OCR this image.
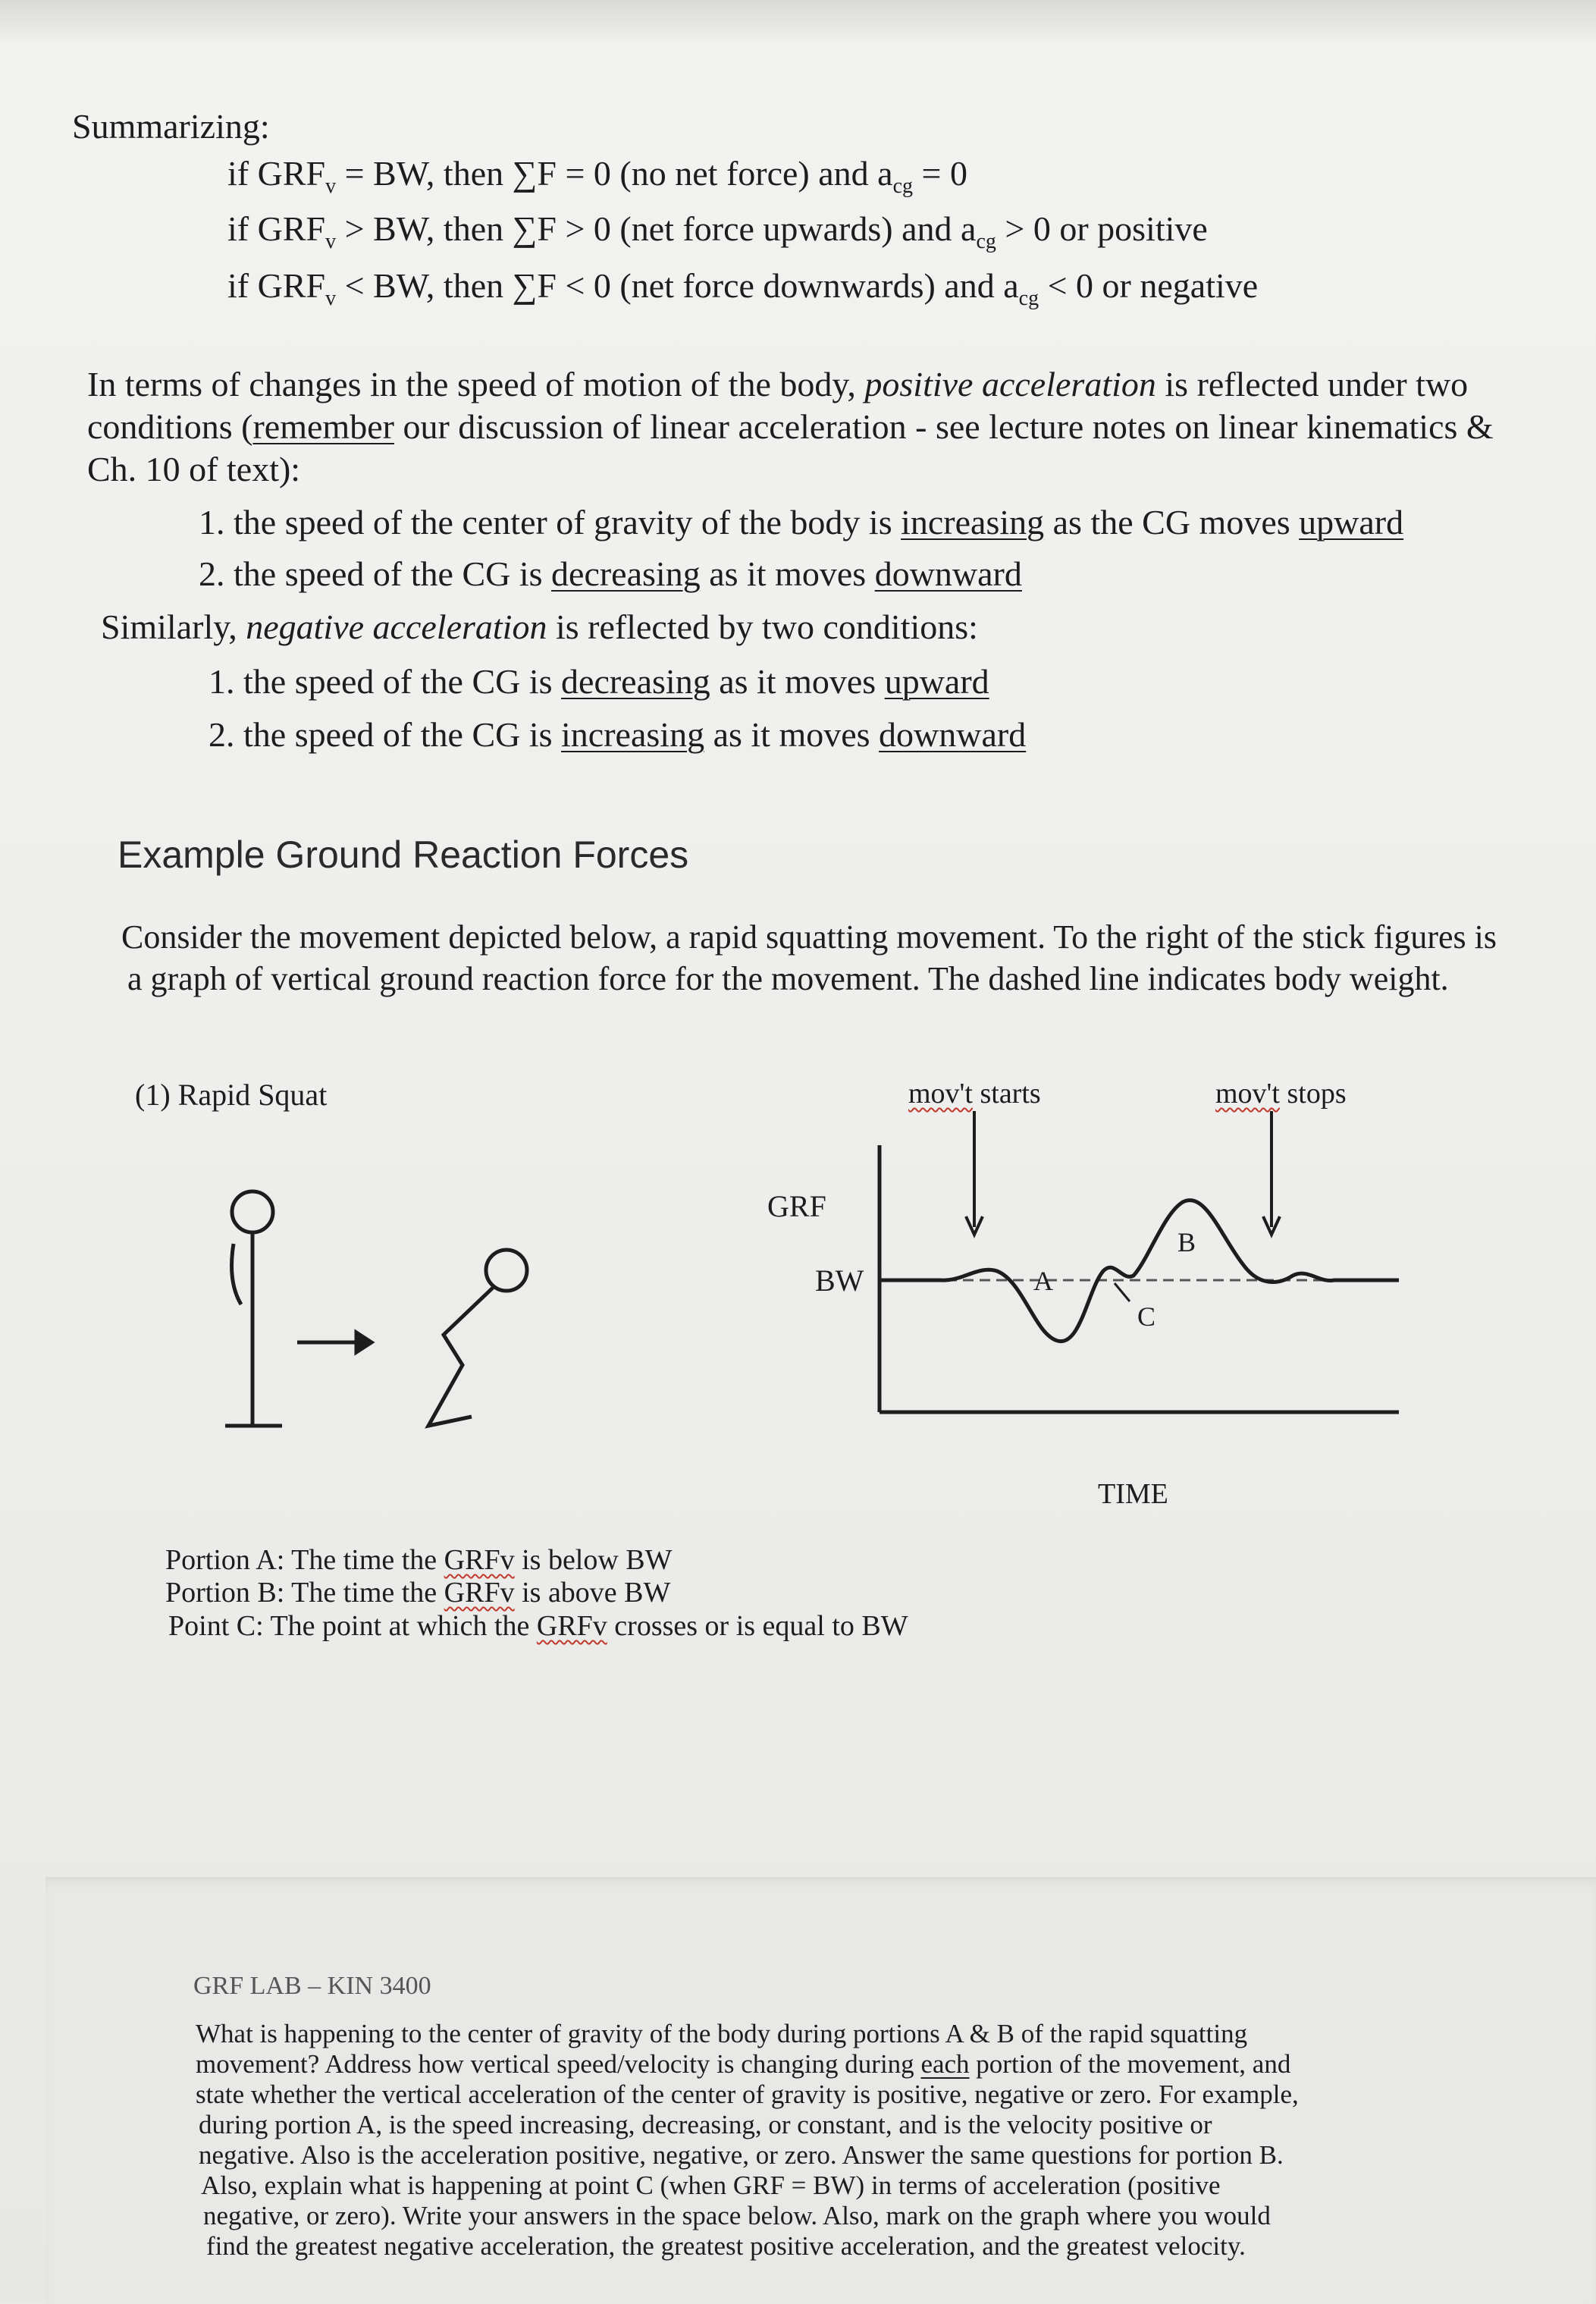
Summarizing:
if $GRF_v$ = BW, then ∑F = 0 (no net force) and $a_{cg} = 0$
if $GRF_v$ > BW, then ∑F > 0 (net force upwards) and $a_{cg} > 0$ or positive
if $GRF_v$ < BW, then ∑F < 0 (net force downwards) and $a_{cg} < 0$ or negative
In terms of changes in the speed of motion of the body, positive acceleration is reflected under two
conditions (remember our discussion of linear acceleration - see lecture notes on linear kinematics &
Ch. 10 of text):
1. the speed of the center of gravity of the body is increasing as the CG moves upward
2. the speed of the CG is decreasing as it moves downward
Similarly, negative acceleration is reflected by two conditions:
1. the speed of the CG is decreasing as it moves upward
2. the speed of the CG is increasing as it moves downward
Example Ground Reaction Forces
Consider the movement depicted below, a rapid squatting movement. To the right of the stick figures is
a graph of vertical ground reaction force for the movement. The dashed line indicates body weight.
(1) Rapid Squat
GRF
BW
mov't starts	mov't stops
A
B
C
TIME
Portion A: The time the GRFv is below BW
Portion B: The time the GRFv is above BW
Point C: The point at which the GRFv crosses or is equal to BW
GRF LAB – KIN 3400
What is happening to the center of gravity of the body during portions A & B of the rapid squatting
movement? Address how vertical speed/velocity is changing during each portion of the movement, and
state whether the vertical acceleration of the center of gravity is positive, negative or zero. For example,
during portion A, is the speed increasing, decreasing, or constant, and is the velocity positive or
negative. Also is the acceleration positive, negative, or zero. Answer the same questions for portion B.
Also, explain what is happening at point C (when GRF = BW) in terms of acceleration (positive
negative, or zero). Write your answers in the space below. Also, mark on the graph where you would
find the greatest negative acceleration, the greatest positive acceleration, and the greatest velocity.
